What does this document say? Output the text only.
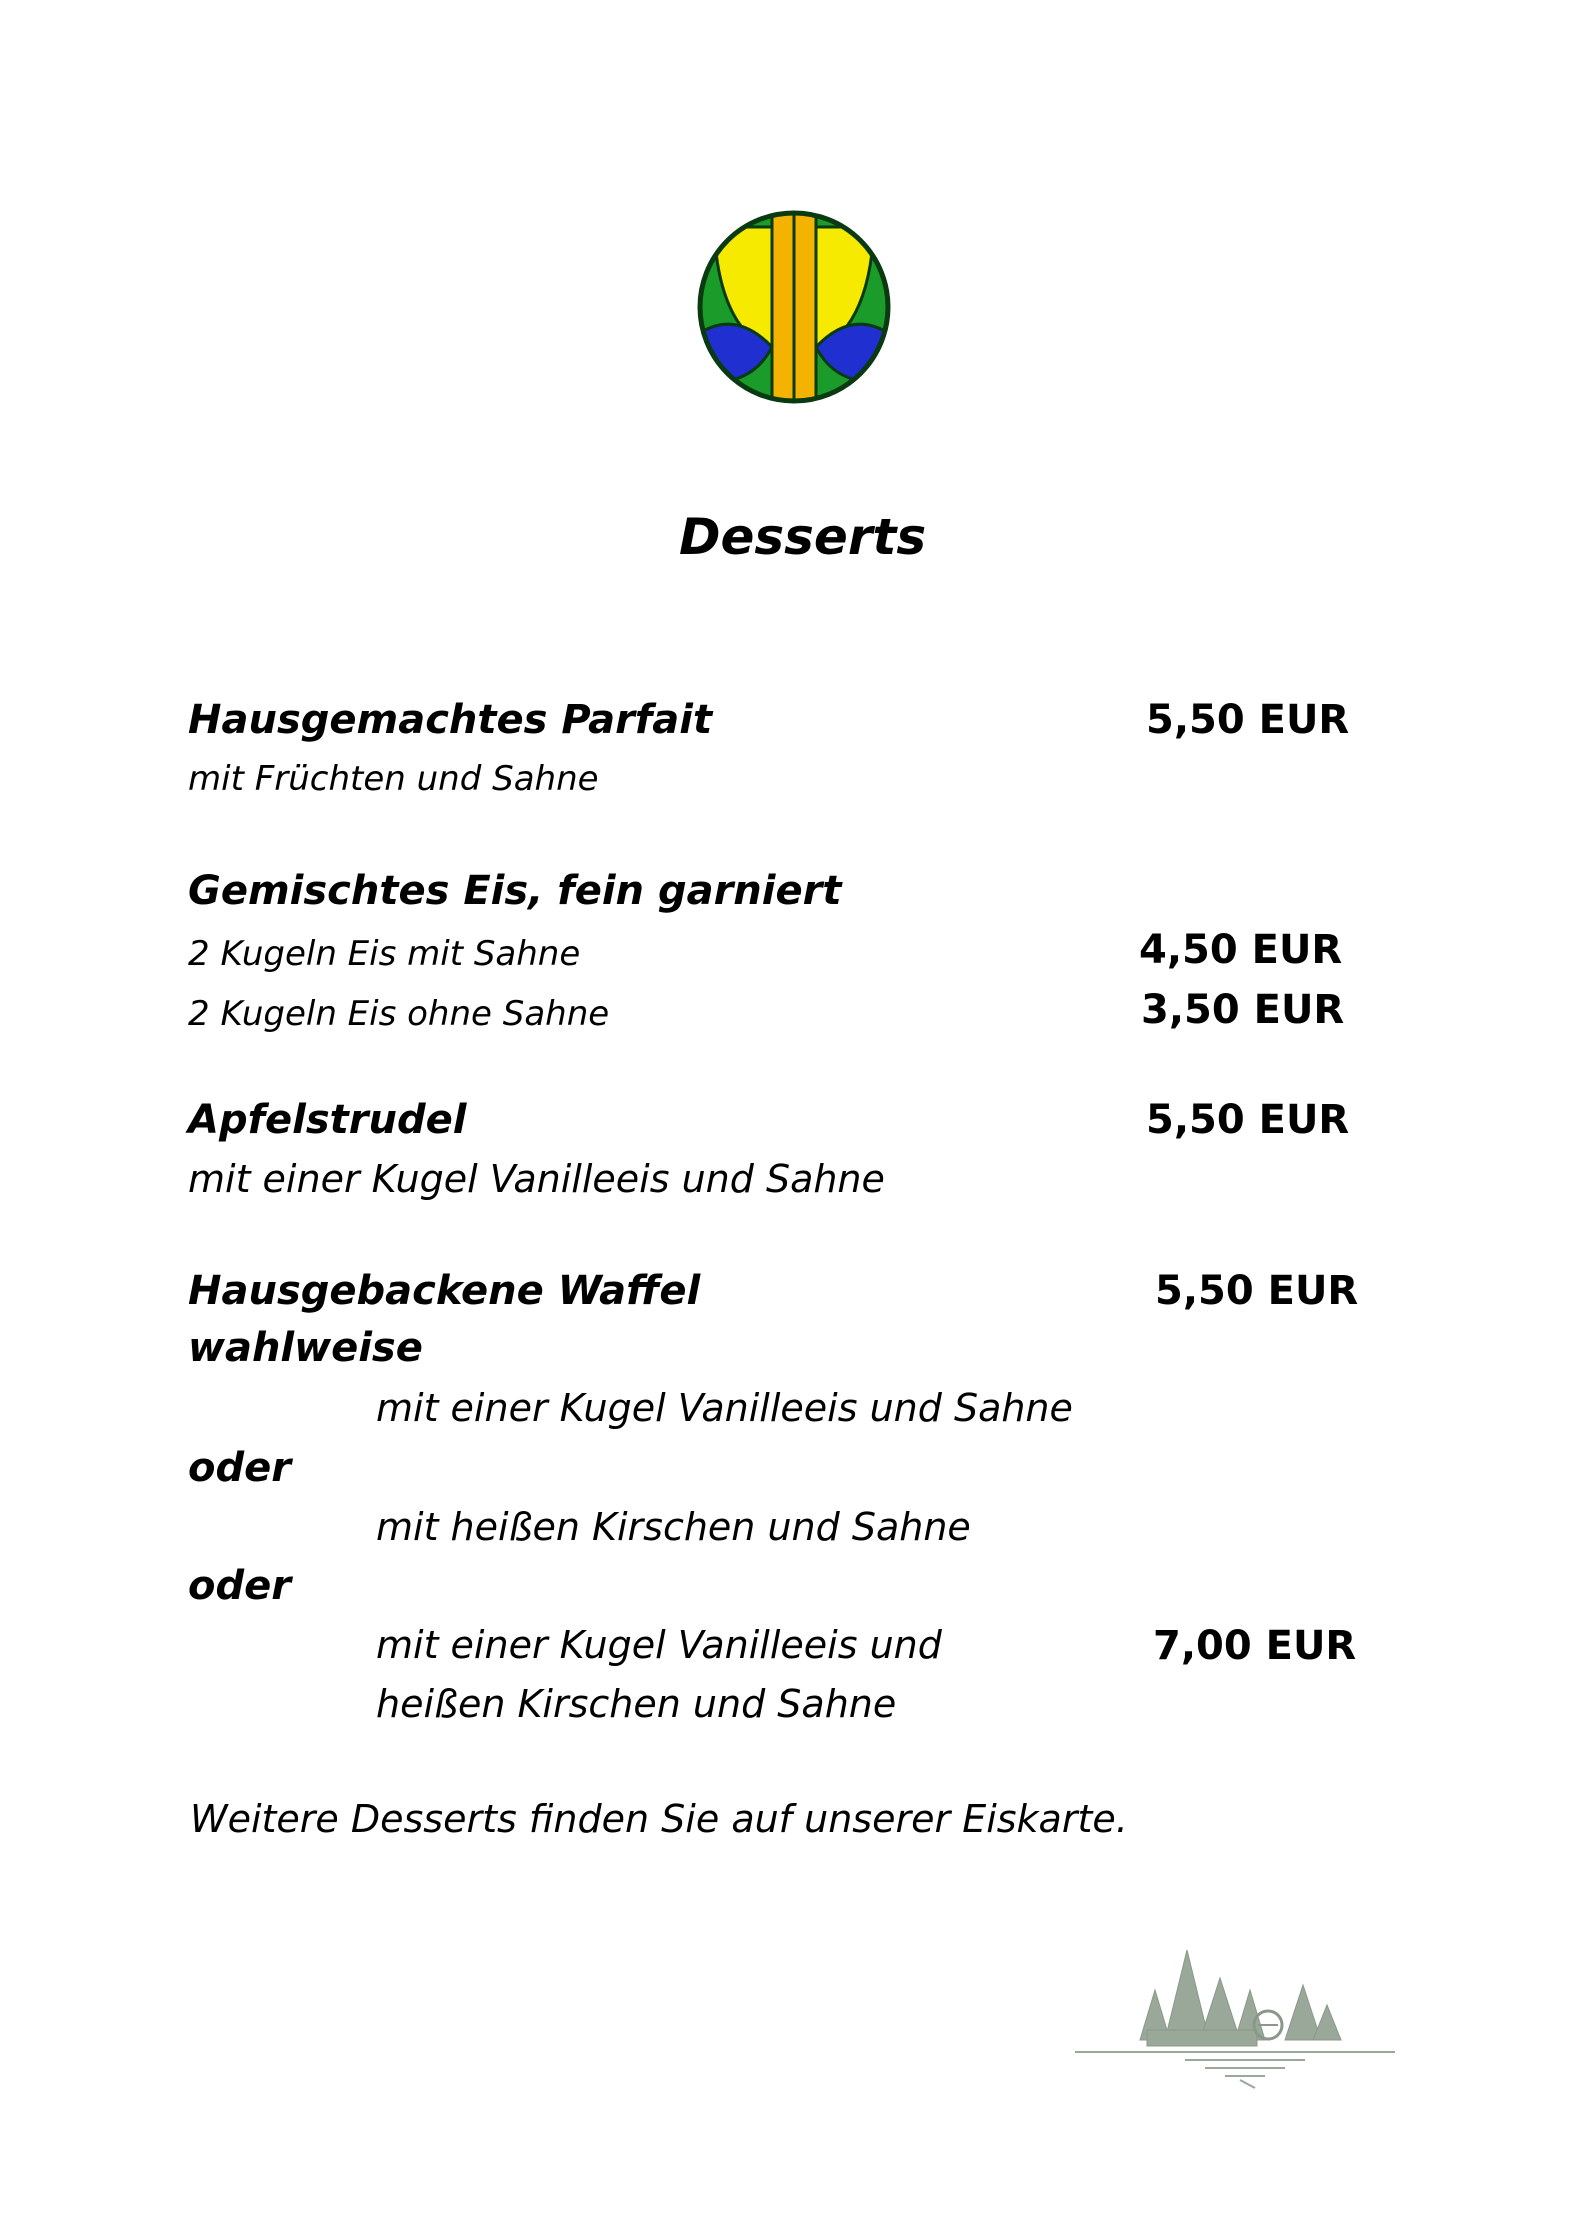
Desserts
Hausgemachtes Parfait	5,50 EUR
mit Früchten und Sahne
Gemischtes Eis, fein garniert
2 Kugeln Eis mit Sahne	4,50 EUR
2 Kugeln Eis ohne Sahne	3,50 EUR
Apfelstrudel	5,50 EUR
mit einer Kugel Vanilleeis und Sahne
Hausgebackene Waffel	5,50 EUR
wahlweise
mit einer Kugel Vanilleeis und Sahne
oder
mit heißen Kirschen und Sahne
oder
mit einer Kugel Vanilleeis und	7,00 EUR
heißen Kirschen und Sahne
Weitere Desserts finden Sie auf unserer Eiskarte.
